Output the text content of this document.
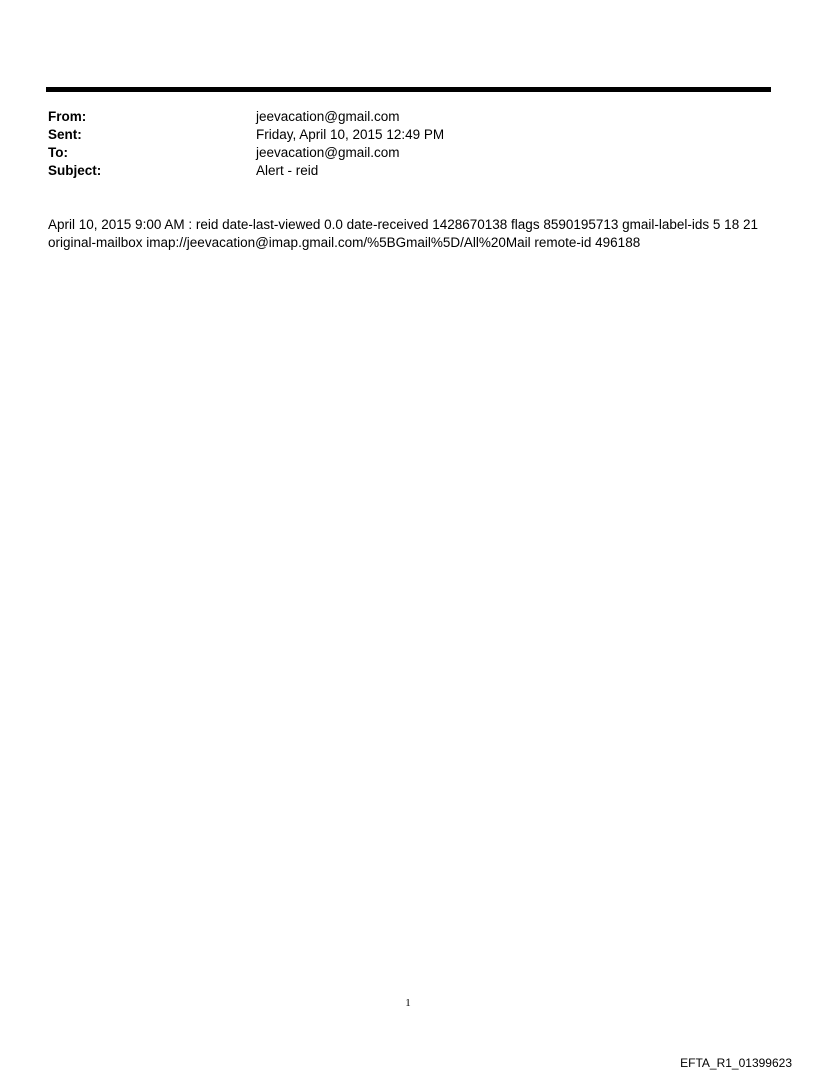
From:	jeevacation@gmail.com
Sent:	Friday, April 10, 2015 12:49 PM
To:	jeevacation@gmail.com
Subject:	Alert - reid
April 10, 2015 9:00 AM : reid date-last-viewed 0.0 date-received 1428670138 flags 8590195713 gmail-label-ids 5 18 21 original-mailbox imap://jeevacation@imap.gmail.com/%5BGmail%5D/All%20Mail remote-id 496188
1
EFTA_R1_01399623
